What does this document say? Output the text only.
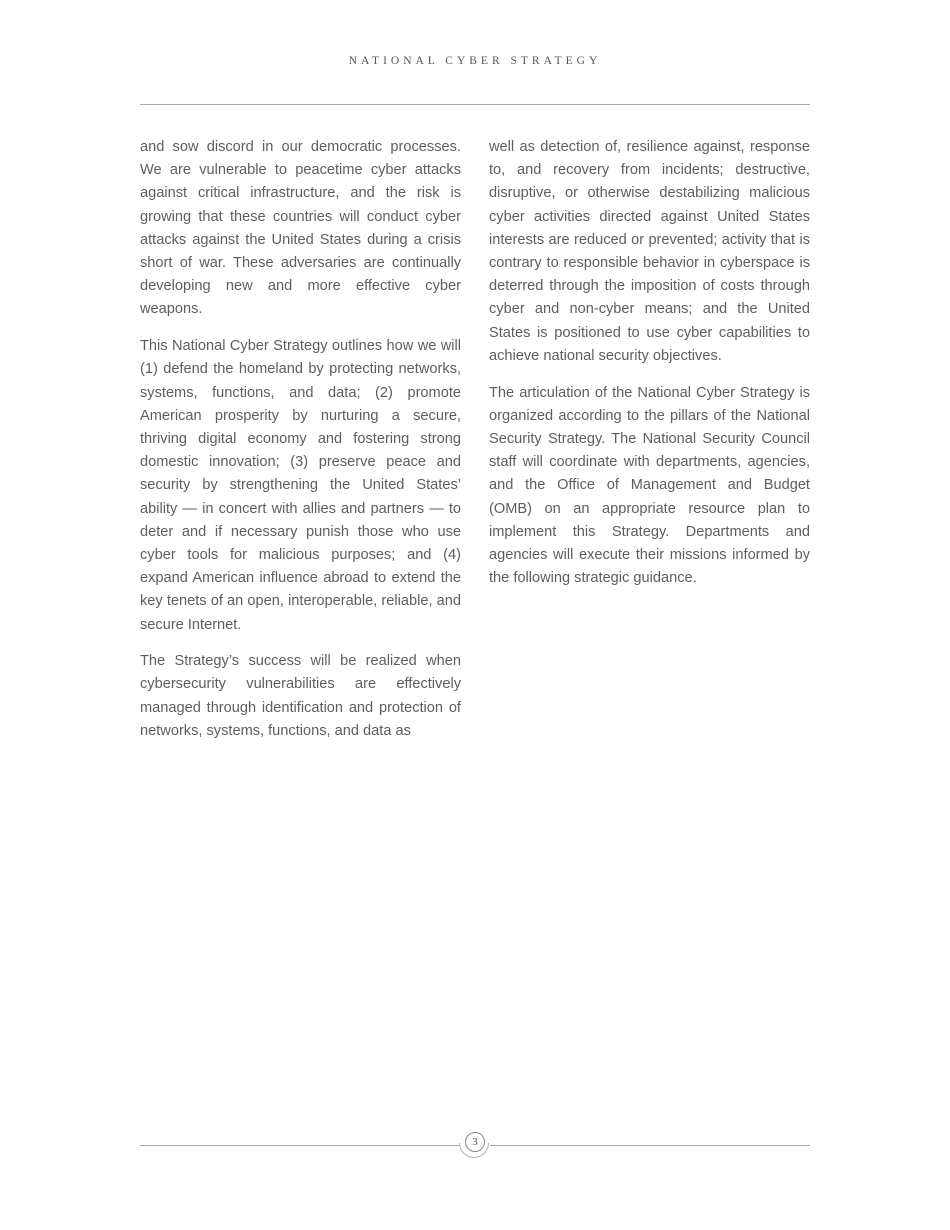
NATIONAL CYBER STRATEGY

and sow discord in our democratic processes. We are vulnerable to peacetime cyber attacks against critical infrastructure, and the risk is growing that these countries will conduct cyber attacks against the United States during a crisis short of war. These adversaries are continually developing new and more effective cyber weapons.

This National Cyber Strategy outlines how we will (1) defend the homeland by protecting networks, systems, functions, and data; (2) promote American prosperity by nurturing a secure, thriving digital economy and fostering strong domestic innovation; (3) preserve peace and security by strengthening the United States’ ability — in concert with allies and partners — to deter and if necessary punish those who use cyber tools for malicious purposes; and (4) expand American influence abroad to extend the key tenets of an open, interoperable, reliable, and secure Internet.

The Strategy’s success will be realized when cybersecurity vulnerabilities are effectively managed through identification and protection of networks, systems, functions, and data as

well as detection of, resilience against, response to, and recovery from incidents; destructive, disruptive, or otherwise destabilizing malicious cyber activities directed against United States interests are reduced or prevented; activity that is contrary to responsible behavior in cyberspace is deterred through the imposition of costs through cyber and non-cyber means; and the United States is positioned to use cyber capabilities to achieve national security objectives.

The articulation of the National Cyber Strategy is organized according to the pillars of the National Security Strategy. The National Security Council staff will coordinate with departments, agencies, and the Office of Management and Budget (OMB) on an appropriate resource plan to implement this Strategy. Departments and agencies will execute their missions informed by the following strategic guidance.

3
